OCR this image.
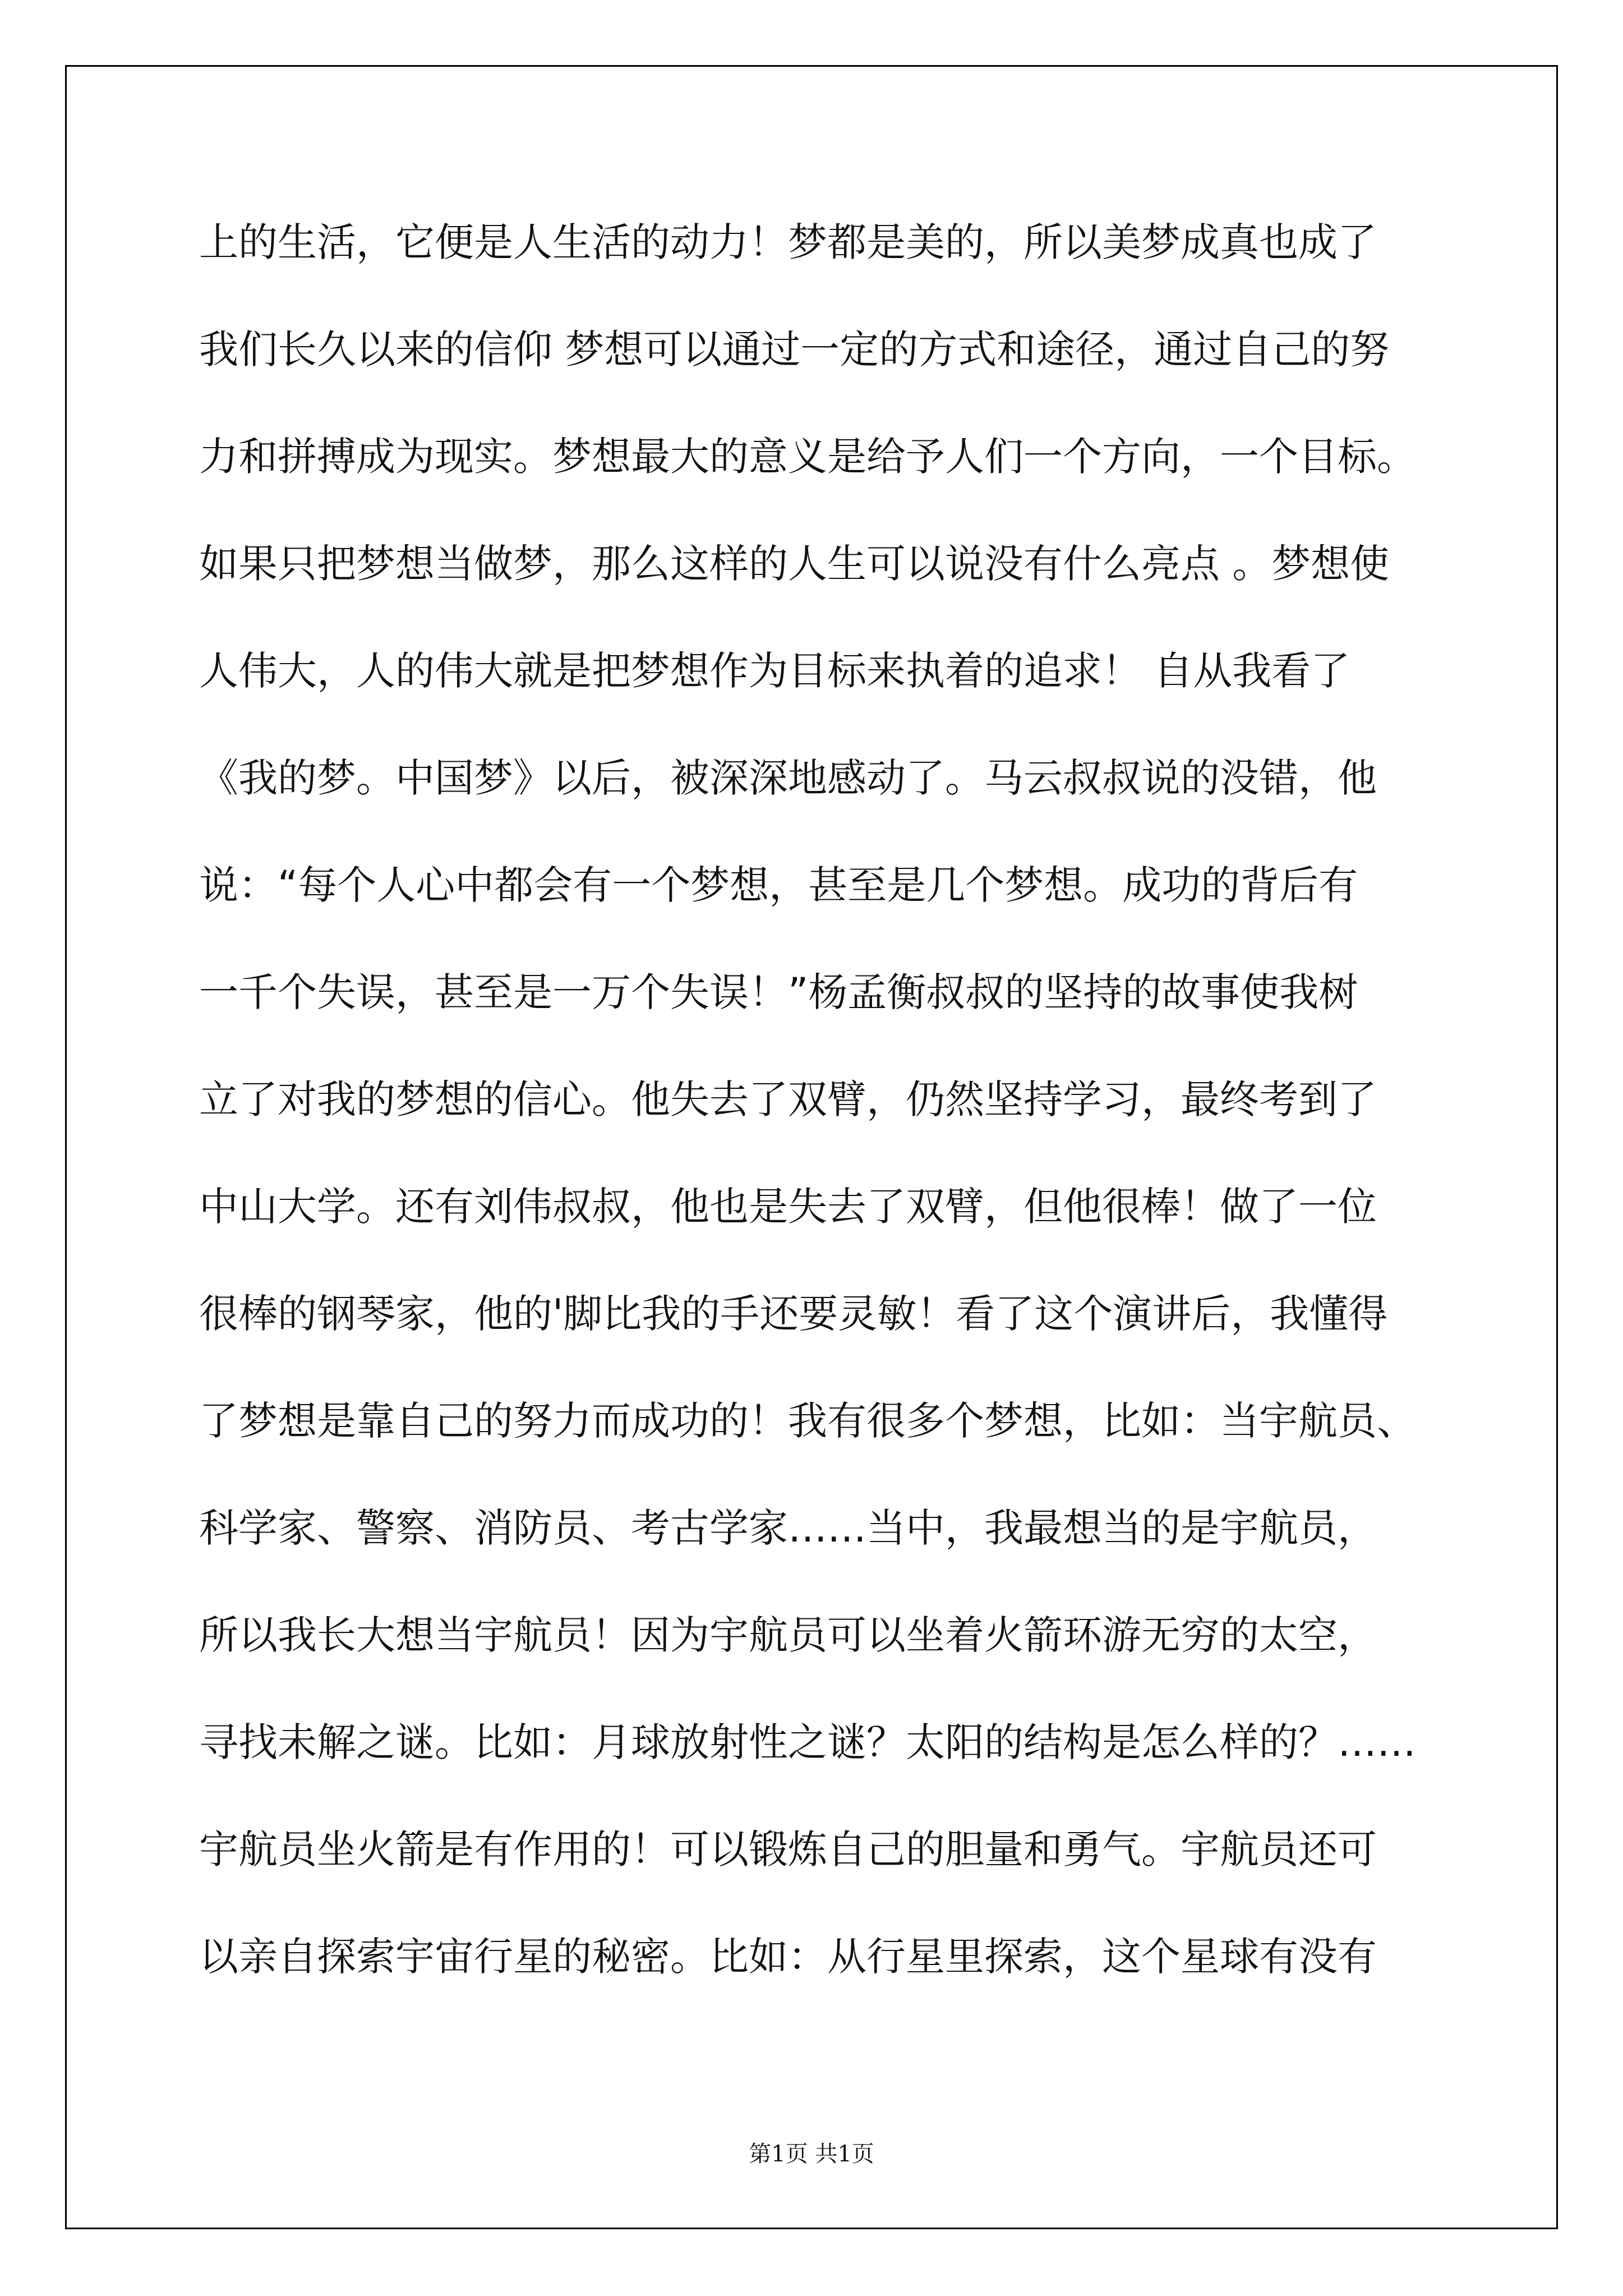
上的生活，它便是人生活的动力！梦都是美的，所以美梦成真也成了
我们长久以来的信仰 梦想可以通过一定的方式和途径，通过自己的努
力和拼搏成为现实。梦想最大的意义是给予人们一个方向，一个目标。
如果只把梦想当做梦，那么这样的人生可以说没有什么亮点 。梦想使
人伟大，人的伟大就是把梦想作为目标来执着的追求！ 自从我看了
《我的梦。中国梦》以后，被深深地感动了。马云叔叔说的没错，他
说：“每个人心中都会有一个梦想，甚至是几个梦想。成功的背后有
一千个失误，甚至是一万个失误！”杨孟衡叔叔的坚持的故事使我树
立了对我的梦想的信心。他失去了双臂，仍然坚持学习，最终考到了
中山大学。还有刘伟叔叔，他也是失去了双臂，但他很棒！做了一位
很棒的钢琴家，他的'脚比我的手还要灵敏！看了这个演讲后，我懂得
了梦想是靠自己的努力而成功的！我有很多个梦想，比如：当宇航员、
科学家、警察、消防员、考古学家……当中，我最想当的是宇航员，
所以我长大想当宇航员！因为宇航员可以坐着火箭环游无穷的太空，
寻找未解之谜。比如：月球放射性之谜？太阳的结构是怎么样的？……
宇航员坐火箭是有作用的！可以锻炼自己的胆量和勇气。宇航员还可
以亲自探索宇宙行星的秘密。比如：从行星里探索，这个星球有没有
第1页 共1页
